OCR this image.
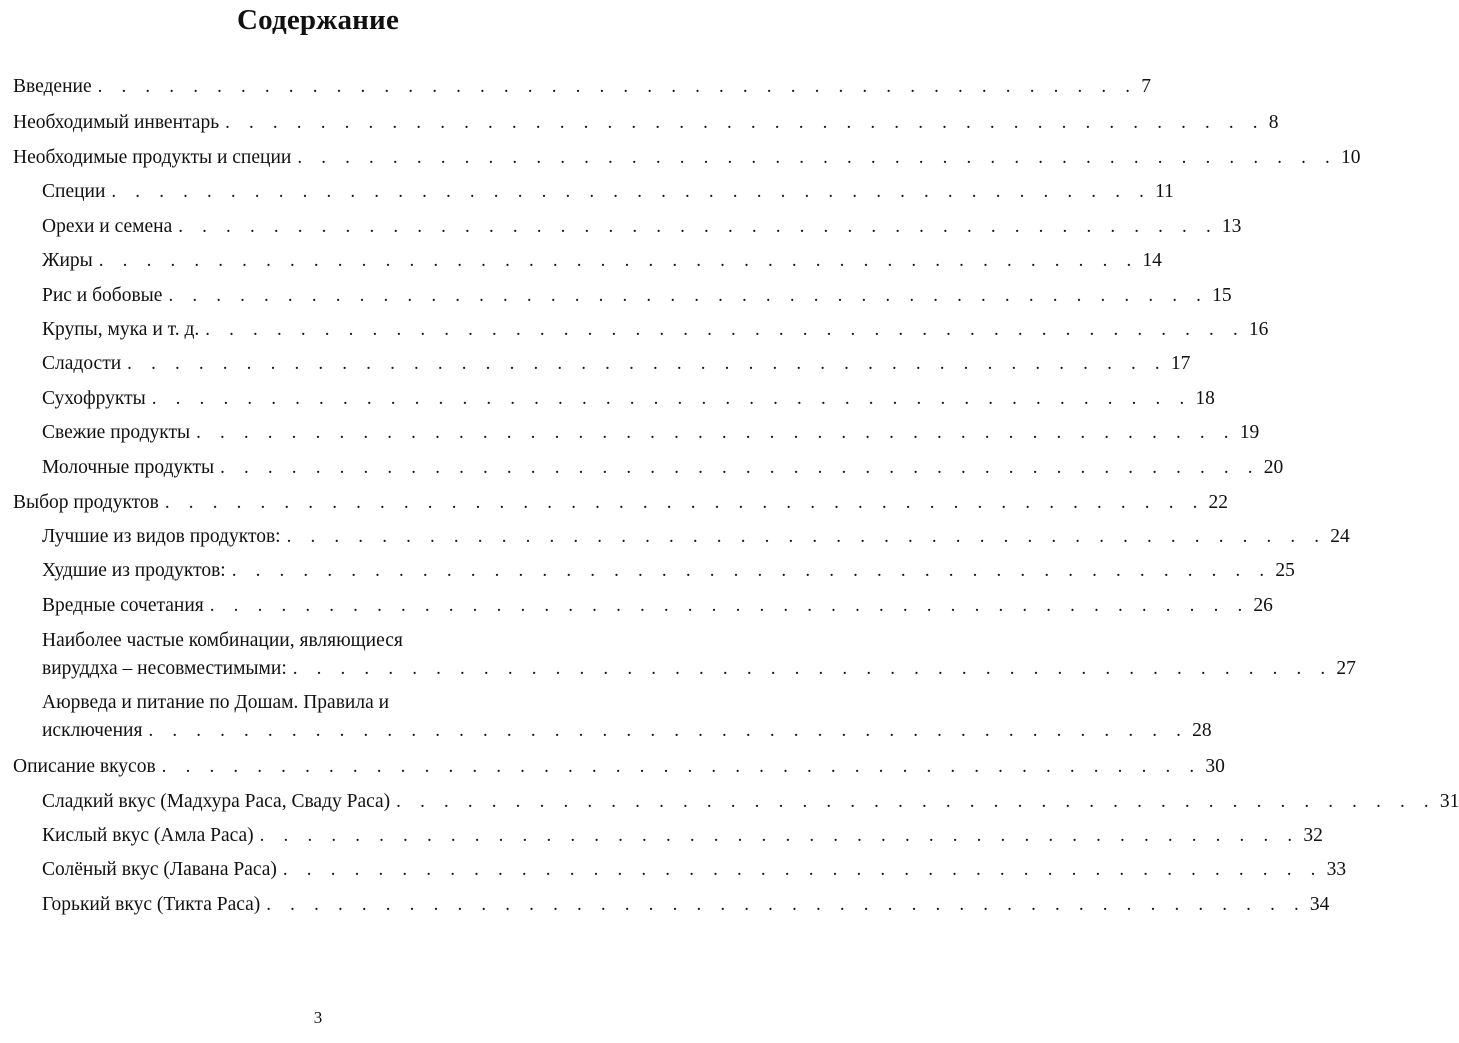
Содержание
Введение . . . . . . . . . . . . . . . . . . . . . . . . . . . . . . . . . . . . . . . . . . . . 7
Необходимый инвентарь . . . . . . . . . . . . . . . . . . . . . . . . . . . . . . . . . . . . . . . . . . . . 8
Необходимые продукты и специи . . . . . . . . . . . . . . . . . . . . . . . . . . . . . . . . . . . . . . . . . . . . 10
Специи . . . . . . . . . . . . . . . . . . . . . . . . . . . . . . . . . . . . . . . . . . . . 11
Орехи и семена . . . . . . . . . . . . . . . . . . . . . . . . . . . . . . . . . . . . . . . . . . . . 13
Жиры . . . . . . . . . . . . . . . . . . . . . . . . . . . . . . . . . . . . . . . . . . . . 14
Рис и бобовые . . . . . . . . . . . . . . . . . . . . . . . . . . . . . . . . . . . . . . . . . . . . 15
Крупы, мука и т. д. . . . . . . . . . . . . . . . . . . . . . . . . . . . . . . . . . . . . . . . . . . . . 16
Сладости . . . . . . . . . . . . . . . . . . . . . . . . . . . . . . . . . . . . . . . . . . . . 17
Сухофрукты . . . . . . . . . . . . . . . . . . . . . . . . . . . . . . . . . . . . . . . . . . . . 18
Свежие продукты . . . . . . . . . . . . . . . . . . . . . . . . . . . . . . . . . . . . . . . . . . . . 19
Молочные продукты . . . . . . . . . . . . . . . . . . . . . . . . . . . . . . . . . . . . . . . . . . . . 20
Выбор продуктов . . . . . . . . . . . . . . . . . . . . . . . . . . . . . . . . . . . . . . . . . . . . 22
Лучшие из видов продуктов: . . . . . . . . . . . . . . . . . . . . . . . . . . . . . . . . . . . . . . . . . . . . 24
Худшие из продуктов: . . . . . . . . . . . . . . . . . . . . . . . . . . . . . . . . . . . . . . . . . . . . 25
Вредные сочетания . . . . . . . . . . . . . . . . . . . . . . . . . . . . . . . . . . . . . . . . . . . . 26
Наиболее частые комбинации, являющиеся
вируддха – несовместимыми: . . . . . . . . . . . . . . . . . . . . . . . . . . . . . . . . . . . . . . . . . . . . 27
Аюрведа и питание по Дошам. Правила и
исключения . . . . . . . . . . . . . . . . . . . . . . . . . . . . . . . . . . . . . . . . . . . . 28
Описание вкусов . . . . . . . . . . . . . . . . . . . . . . . . . . . . . . . . . . . . . . . . . . . . 30
Сладкий вкус (Мадхура Раса, Сваду Раса) . . . . . . . . . . . . . . . . . . . . . . . . . . . . . . . . . . . . . . . . . . . . 31
Кислый вкус (Амла Раса) . . . . . . . . . . . . . . . . . . . . . . . . . . . . . . . . . . . . . . . . . . . . 32
Солёный вкус (Лавана Раса) . . . . . . . . . . . . . . . . . . . . . . . . . . . . . . . . . . . . . . . . . . . . 33
Горький вкус (Тикта Раса) . . . . . . . . . . . . . . . . . . . . . . . . . . . . . . . . . . . . . . . . . . . . 34
3
